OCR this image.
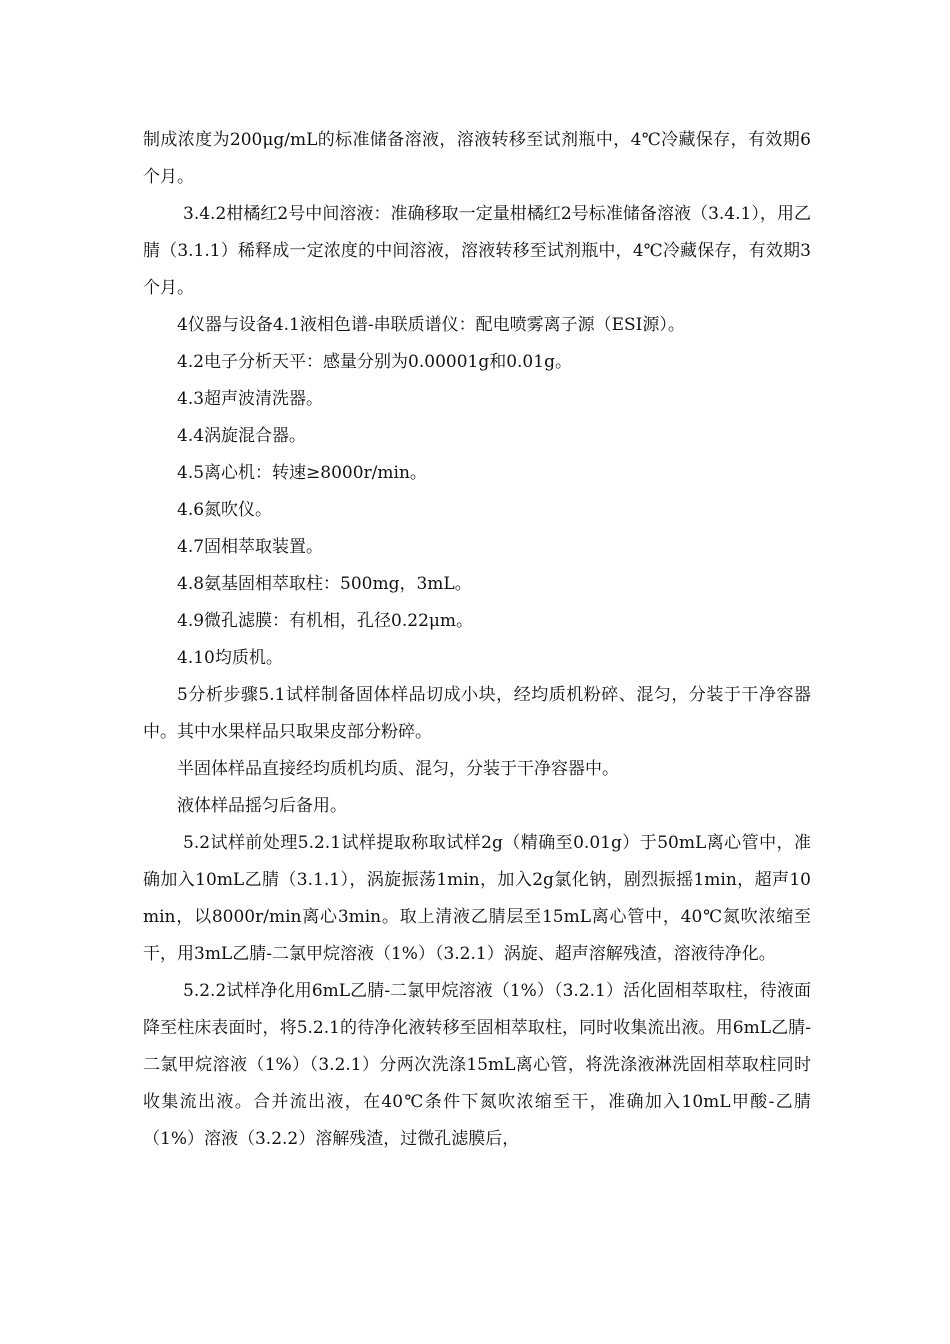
制成浓度为200μg/mL的标准储备溶液，溶液转移至试剂瓶中，4℃冷藏保存，有效期6个月。

3.4.2柑橘红2号中间溶液：准确移取一定量柑橘红2号标准储备溶液（3.4.1），用乙腈（3.1.1）稀释成一定浓度的中间溶液，溶液转移至试剂瓶中，4℃冷藏保存，有效期3个月。

4仪器与设备4.1液相色谱-串联质谱仪：配电喷雾离子源（ESI源）。

4.2电子分析天平：感量分别为0.00001g和0.01g。

4.3超声波清洗器。

4.4涡旋混合器。

4.5离心机：转速≥8000r/min。

4.6氮吹仪。

4.7固相萃取装置。

4.8氨基固相萃取柱：500mg，3mL。

4.9微孔滤膜：有机相，孔径0.22μm。

4.10均质机。

5分析步骤5.1试样制备固体样品切成小块，经均质机粉碎、混匀，分装于干净容器中。其中水果样品只取果皮部分粉碎。

半固体样品直接经均质机均质、混匀，分装于干净容器中。

液体样品摇匀后备用。

5.2试样前处理5.2.1试样提取称取试样2g（精确至0.01g）于50mL离心管中，准确加入10mL乙腈（3.1.1），涡旋振荡1min，加入2g氯化钠，剧烈振摇1min，超声10min，以8000r/min离心3min。取上清液乙腈层至15mL离心管中，40℃氮吹浓缩至干，用3mL乙腈-二氯甲烷溶液（1%）（3.2.1）涡旋、超声溶解残渣，溶液待净化。

5.2.2试样净化用6mL乙腈-二氯甲烷溶液（1%）（3.2.1）活化固相萃取柱，待液面降至柱床表面时，将5.2.1的待净化液转移至固相萃取柱，同时收集流出液。用6mL乙腈-二氯甲烷溶液（1%）（3.2.1）分两次洗涤15mL离心管，将洗涤液淋洗固相萃取柱同时收集流出液。合并流出液，在40℃条件下氮吹浓缩至干，准确加入10mL甲酸-乙腈（1%）溶液（3.2.2）溶解残渣，过微孔滤膜后，
